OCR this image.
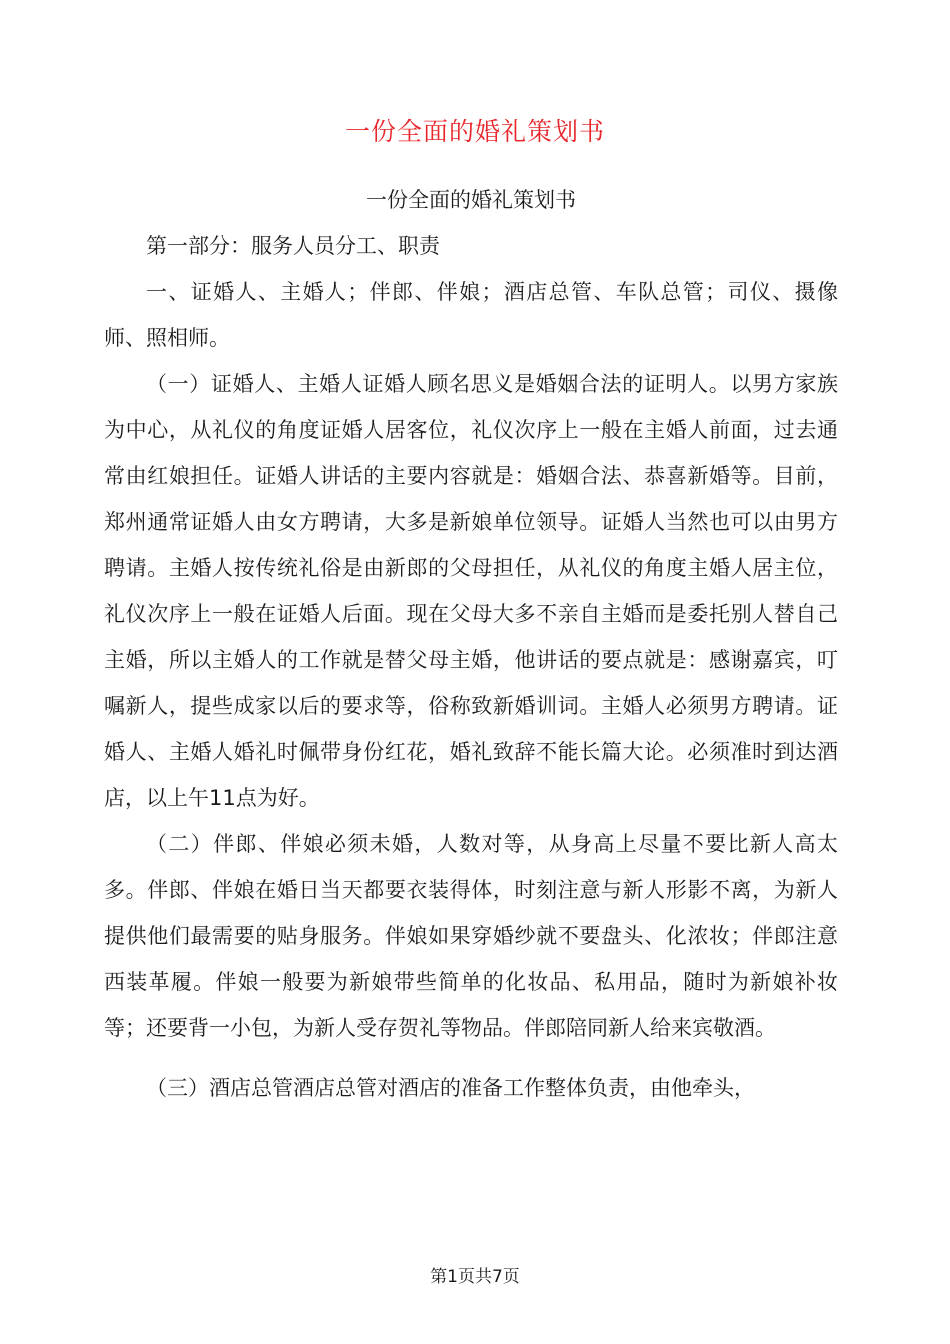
一份全面的婚礼策划书
一份全面的婚礼策划书

第一部分：服务人员分工、职责

一、证婚人、主婚人；伴郎、伴娘；酒店总管、车队总管；司仪、摄像师、照相师。

（一）证婚人、主婚人证婚人顾名思义是婚姻合法的证明人。以男方家族为中心，从礼仪的角度证婚人居客位，礼仪次序上一般在主婚人前面，过去通常由红娘担任。证婚人讲话的主要内容就是：婚姻合法、恭喜新婚等。目前，郑州通常证婚人由女方聘请，大多是新娘单位领导。证婚人当然也可以由男方聘请。主婚人按传统礼俗是由新郎的父母担任，从礼仪的角度主婚人居主位，礼仪次序上一般在证婚人后面。现在父母大多不亲自主婚而是委托别人替自己主婚，所以主婚人的工作就是替父母主婚，他讲话的要点就是：感谢嘉宾，叮嘱新人，提些成家以后的要求等，俗称致新婚训词。主婚人必须男方聘请。证婚人、主婚人婚礼时佩带身份红花，婚礼致辞不能长篇大论。必须准时到达酒店，以上午11点为好。

（二）伴郎、伴娘必须未婚，人数对等，从身高上尽量不要比新人高太多。伴郎、伴娘在婚日当天都要衣装得体，时刻注意与新人形影不离，为新人提供他们最需要的贴身服务。伴娘如果穿婚纱就不要盘头、化浓妆；伴郎注意西装革履。伴娘一般要为新娘带些简单的化妆品、私用品，随时为新娘补妆等；还要背一小包，为新人受存贺礼等物品。伴郎陪同新人给来宾敬酒。

（三）酒店总管酒店总管对酒店的准备工作整体负责，由他牵头，

第1页共7页
